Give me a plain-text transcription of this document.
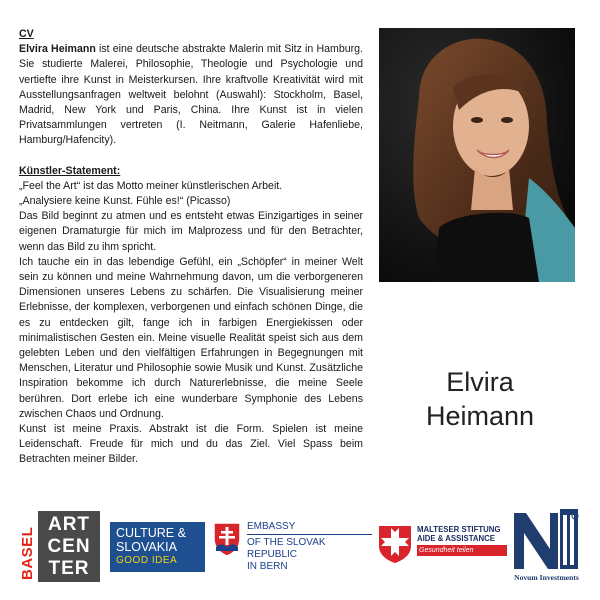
CV

Elvira Heimann ist eine deutsche abstrakte Malerin mit Sitz in Hamburg. Sie studierte Malerei, Philosophie, Theologie und Psychologie und vertiefte ihre Kunst in Meisterkursen. Ihre kraftvolle Kreativität wird mit Ausstellungsanfragen weltweit belohnt (Auswahl): Stockholm, Basel, Madrid, New York und Paris, China. Ihre Kunst ist in vielen Privatsammlungen vertreten (I. Neitmann, Galerie Hafenliebe, Hamburg/Hafencity).

Künstler-Statement:

„Feel the Art“ ist das Motto meiner künstlerischen Arbeit.

„Analysiere keine Kunst. Fühle es!“ (Picasso)

Das Bild beginnt zu atmen und es entsteht etwas Einzigartiges in seiner eigenen Dramaturgie für mich im Malprozess und für den Betrachter, wenn das Bild zu ihm spricht.

Ich tauche ein in das lebendige Gefühl, ein „Schöpfer“ in meiner Welt sein zu können und meine Wahrnehmung davon, um die verborgeneren Dimensionen unseres Lebens zu schärfen. Die Visualisierung meiner Erlebnisse, der komplexen, verborgenen und einfach schönen Dinge, die es zu entdecken gilt, fange ich in farbigen Energiekissen oder minimalistischen Gesten ein. Meine visuelle Realität speist sich aus dem gelebten Leben und den vielfältigen Erfahrungen in Begegnungen mit Menschen, Literatur und Philosophie sowie Musik und Kunst. Zusätzliche Inspiration bekomme ich durch Naturerlebnisse, die meine Seele berühren. Dort erlebe ich eine wunderbare Symphonie des Lebens zwischen Chaos und Ordnung.

Kunst ist meine Praxis. Abstrakt ist die Form. Spielen ist meine Leidenschaft. Freude für mich und du das Ziel. Viel Spass beim Betrachten meiner Bilder.

Elvira
Heimann
BASEL
ART
CEN
TER
CULTURE &
SLOVAKIA
GOOD IDEA
EMBASSY
OF THE SLOVAK REPUBLIC
IN BERN
MALTESER STIFTUNG
AIDE & ASSISTANCE
Gesundheit teilen
Novum Investments
